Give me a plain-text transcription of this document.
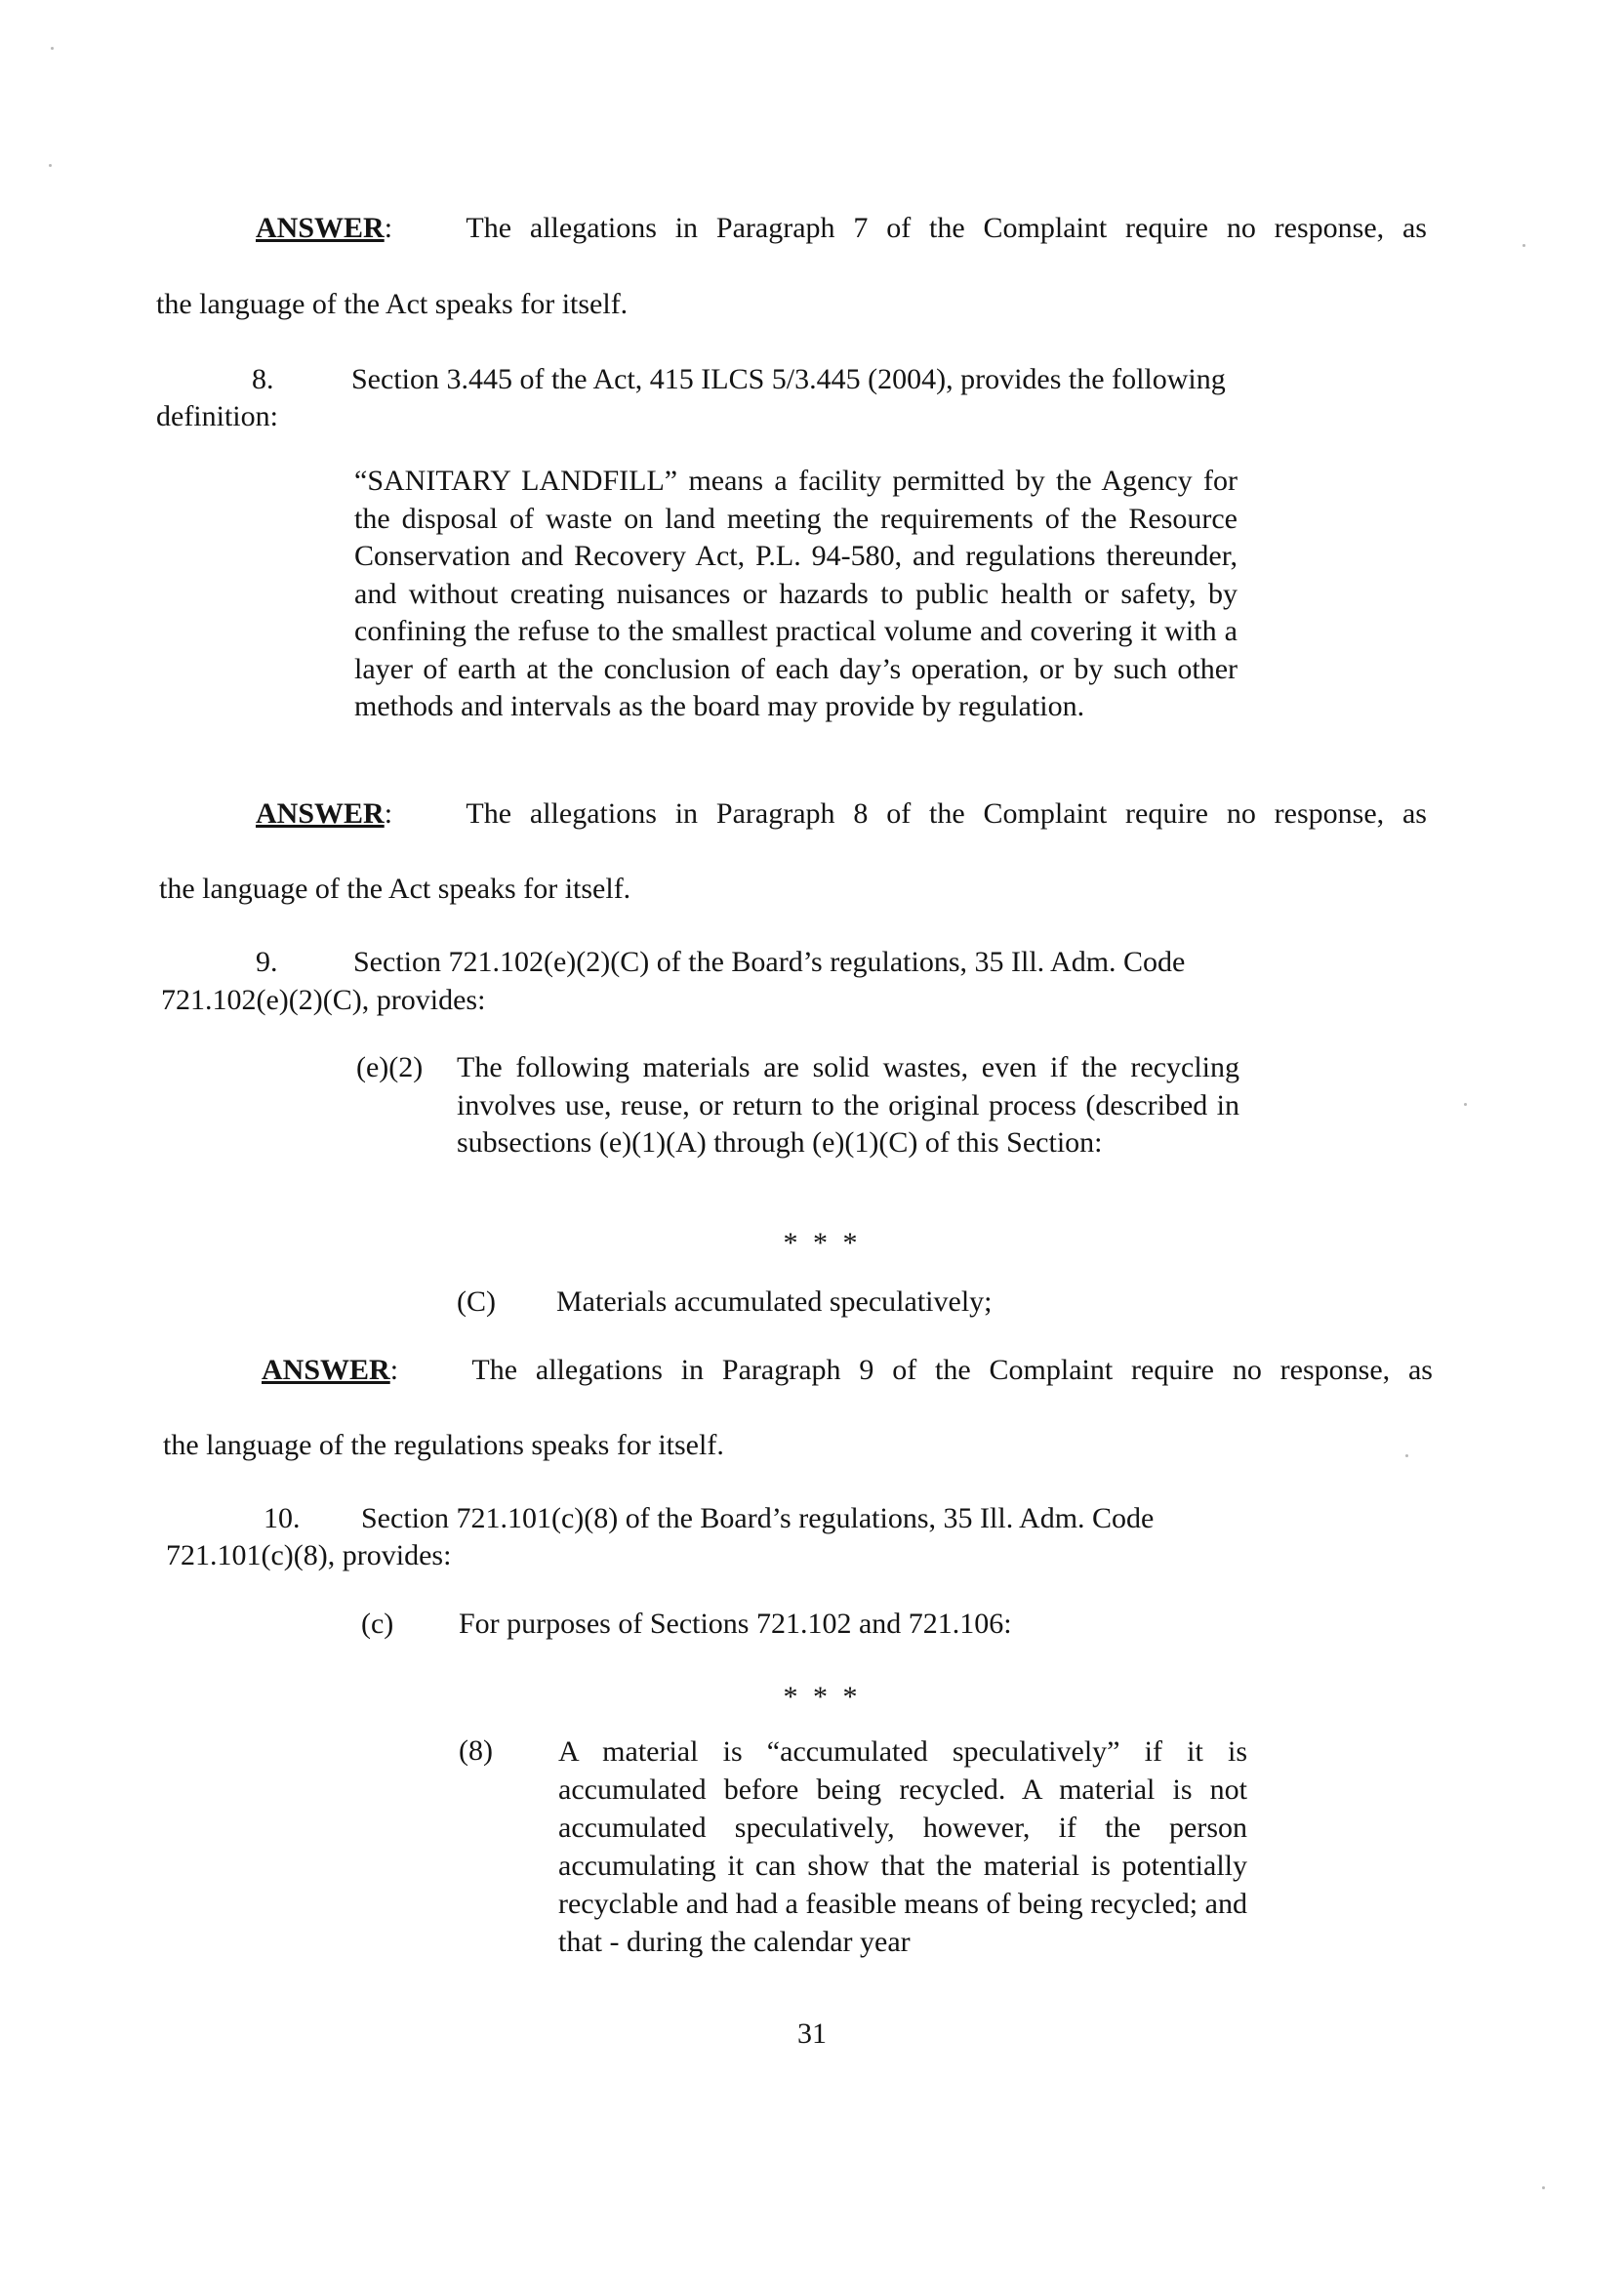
ANSWER:    The allegations in Paragraph 7 of the Complaint require no response, as
the language of the Act speaks for itself.
8.	Section 3.445 of the Act, 415 ILCS 5/3.445 (2004), provides the following
definition:
“SANITARY LANDFILL” means a facility permitted by the Agency for the disposal of waste on land meeting the requirements of the Resource Conservation and Recovery Act, P.L. 94-580, and regulations thereunder, and without creating nuisances or hazards to public health or safety, by confining the refuse to the smallest practical volume and covering it with a layer of earth at the conclusion of each day’s operation, or by such other methods and intervals as the board may provide by regulation.
ANSWER:    The allegations in Paragraph 8 of the Complaint require no response, as
the language of the Act speaks for itself.
9.	Section 721.102(e)(2)(C) of the Board’s regulations, 35 Ill. Adm. Code
721.102(e)(2)(C), provides:
(e)(2)	The following materials are solid wastes, even if the recycling involves use, reuse, or return to the original process (described in subsections (e)(1)(A) through (e)(1)(C) of this Section:
* * *
(C)	Materials accumulated speculatively;
ANSWER:    The allegations in Paragraph 9 of the Complaint require no response, as
the language of the regulations speaks for itself.
10. Section 721.101(c)(8) of the Board’s regulations, 35 Ill. Adm. Code
721.101(c)(8), provides:
(c)	For purposes of Sections 721.102 and 721.106:
* * *
(8)	A material is “accumulated speculatively” if it is accumulated before being recycled. A material is not accumulated speculatively, however, if the person accumulating it can show that the material is potentially recyclable and had a feasible means of being recycled; and that - during the calendar year
31
